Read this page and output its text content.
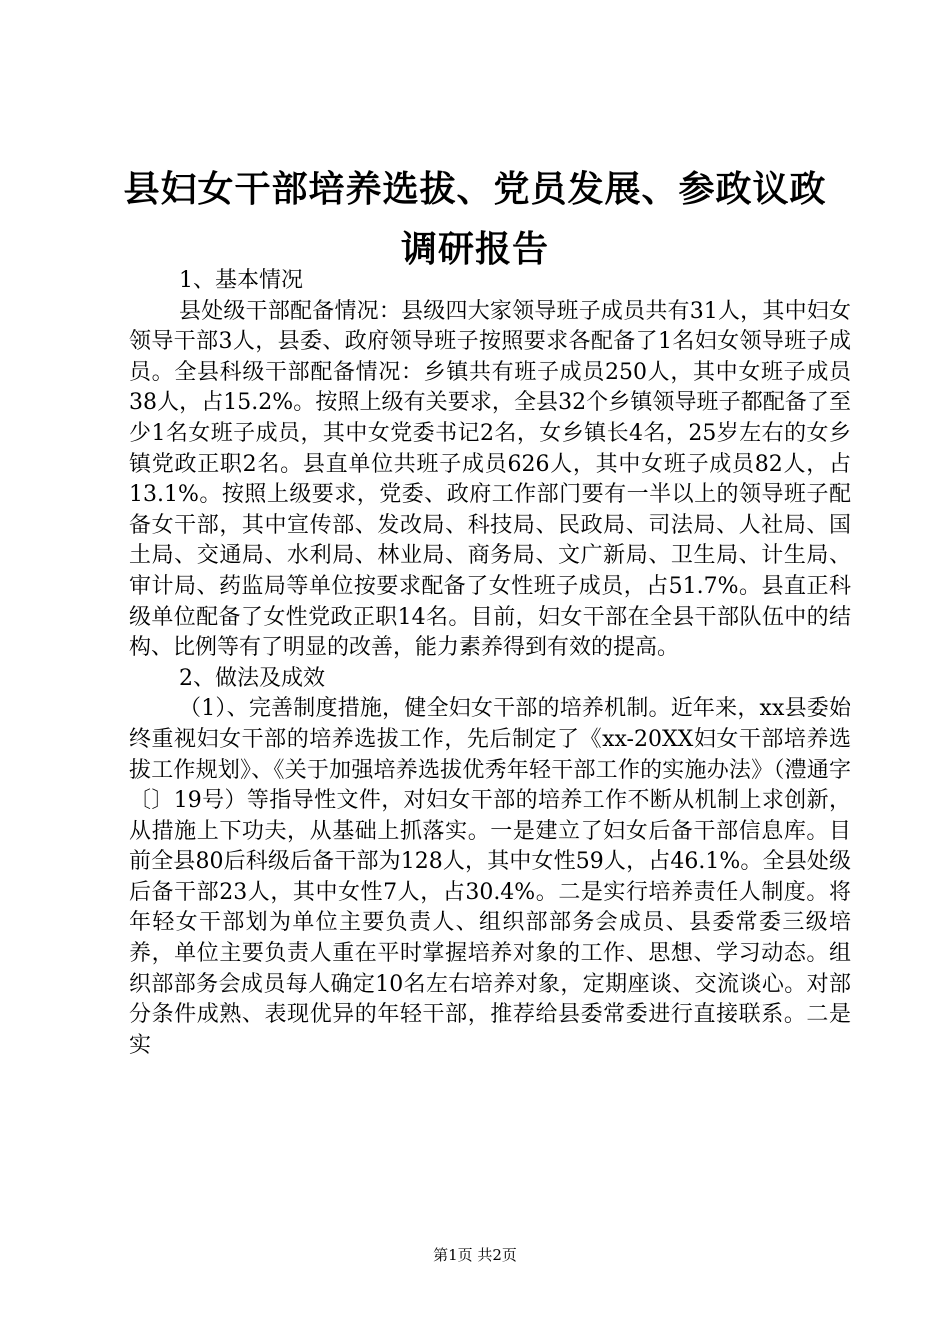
县妇女干部培养选拔、党员发展、参政议政调研报告

1、基本情况

县处级干部配备情况：县级四大家领导班子成员共有31人，其中妇女领导干部3人，县委、政府领导班子按照要求各配备了1名妇女领导班子成员。全县科级干部配备情况：乡镇共有班子成员250人，其中女班子成员38人，占15.2%。按照上级有关要求，全县32个乡镇领导班子都配备了至少1名女班子成员，其中女党委书记2名，女乡镇长4名，25岁左右的女乡镇党政正职2名。县直单位共班子成员626人，其中女班子成员82人，占13.1%。按照上级要求，党委、政府工作部门要有一半以上的领导班子配备女干部，其中宣传部、发改局、科技局、民政局、司法局、人社局、国土局、交通局、水利局、林业局、商务局、文广新局、卫生局、计生局、审计局、药监局等单位按要求配备了女性班子成员，占51.7%。县直正科级单位配备了女性党政正职14名。目前，妇女干部在全县干部队伍中的结构、比例等有了明显的改善，能力素养得到有效的提高。

2、做法及成效

（1）、完善制度措施，健全妇女干部的培养机制。近年来，xx县委始终重视妇女干部的培养选拔工作，先后制定了《xx-20XX妇女干部培养选拔工作规划》、《关于加强培养选拔优秀年轻干部工作的实施办法》（澧通字〔〕19号）等指导性文件，对妇女干部的培养工作不断从机制上求创新，从措施上下功夫，从基础上抓落实。一是建立了妇女后备干部信息库。目前全县80后科级后备干部为128人，其中女性59人，占46.1%。全县处级后备干部23人，其中女性7人，占30.4%。二是实行培养责任人制度。将年轻女干部划为单位主要负责人、组织部部务会成员、县委常委三级培养，单位主要负责人重在平时掌握培养对象的工作、思想、学习动态。组织部部务会成员每人确定10名左右培养对象，定期座谈、交流谈心。对部分条件成熟、表现优异的年轻干部，推荐给县委常委进行直接联系。二是实

第1页 共2页
